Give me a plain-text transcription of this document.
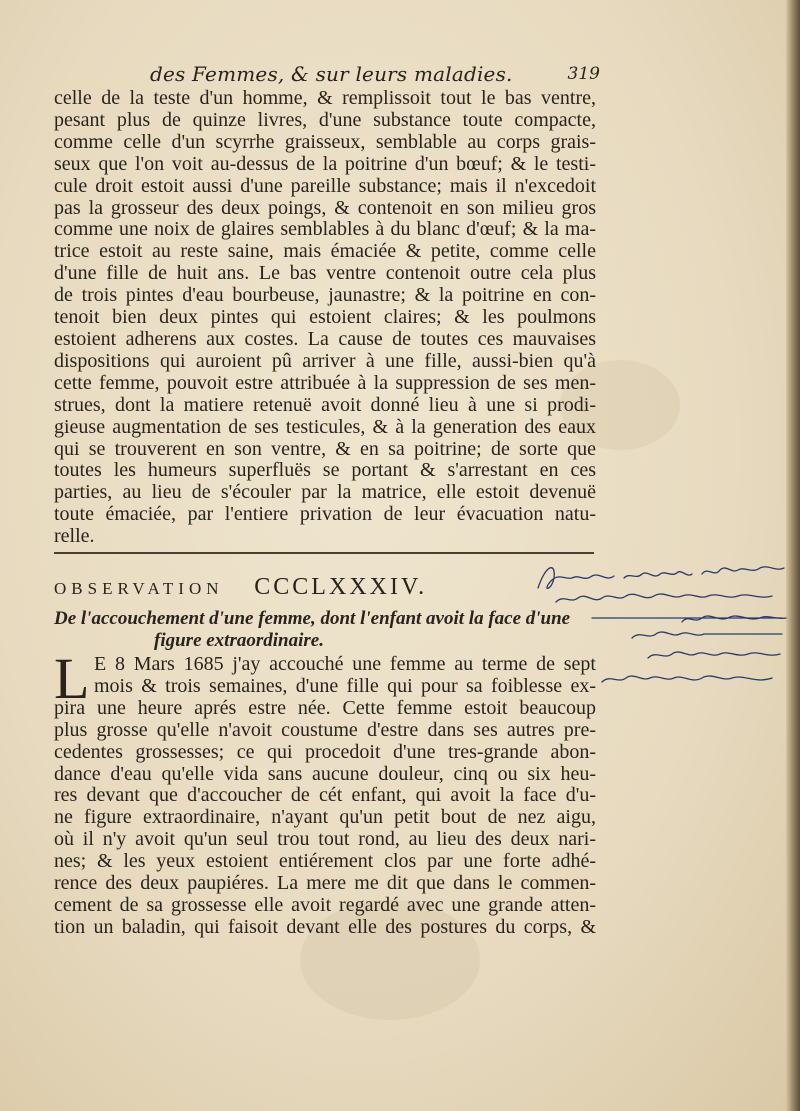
des Femmes, & sur leurs maladies.	319
celle de la teste d'un homme, & remplissoit tout le bas ventre,
pesant plus de quinze livres, d'une substance toute compacte,
comme celle d'un scyrrhe graisseux, semblable au corps grais-
seux que l'on voit au-dessus de la poitrine d'un bœuf; & le testi-
cule droit estoit aussi d'une pareille substance; mais il n'excedoit
pas la grosseur des deux poings, & contenoit en son milieu gros
comme une noix de glaires semblables à du blanc d'œuf; & la ma-
trice estoit au reste saine, mais émaciée & petite, comme celle
d'une fille de huit ans. Le bas ventre contenoit outre cela plus
de trois pintes d'eau bourbeuse, jaunastre; & la poitrine en con-
tenoit bien deux pintes qui estoient claires; & les poulmons
estoient adherens aux costes. La cause de toutes ces mauvaises
dispositions qui auroient pû arriver à une fille, aussi-bien qu'à
cette femme, pouvoit estre attribuée à la suppression de ses men-
strues, dont la matiere retenuë avoit donné lieu à une si prodi-
gieuse augmentation de ses testicules, & à la generation des eaux
qui se trouverent en son ventre, & en sa poitrine; de sorte que
toutes les humeurs superfluës se portant & s'arrestant en ces
parties, au lieu de s'écouler par la matrice, elle estoit devenuë
toute émaciée, par l'entiere privation de leur évacuation natu-
relle.
OBSERVATION CCCLXXXIV.
De l'accouchement d'une femme, dont l'enfant avoit la face d'une
figure extraordinaire.
L E 8 Mars 1685 j'ay accouché une femme au terme de sept
mois & trois semaines, d'une fille qui pour sa foiblesse ex-
pira une heure aprés estre née. Cette femme estoit beaucoup
plus grosse qu'elle n'avoit coustume d'estre dans ses autres pre-
cedentes grossesses; ce qui procedoit d'une tres-grande abon-
dance d'eau qu'elle vida sans aucune douleur, cinq ou six heu-
res devant que d'accoucher de cét enfant, qui avoit la face d'u-
ne figure extraordinaire, n'ayant qu'un petit bout de nez aigu,
où il n'y avoit qu'un seul trou tout rond, au lieu des deux nari-
nes; & les yeux estoient entiérement clos par une forte adhé-
rence des deux paupiéres. La mere me dit que dans le commen-
cement de sa grossesse elle avoit regardé avec une grande atten-
tion un baladin, qui faisoit devant elle des postures du corps, &
